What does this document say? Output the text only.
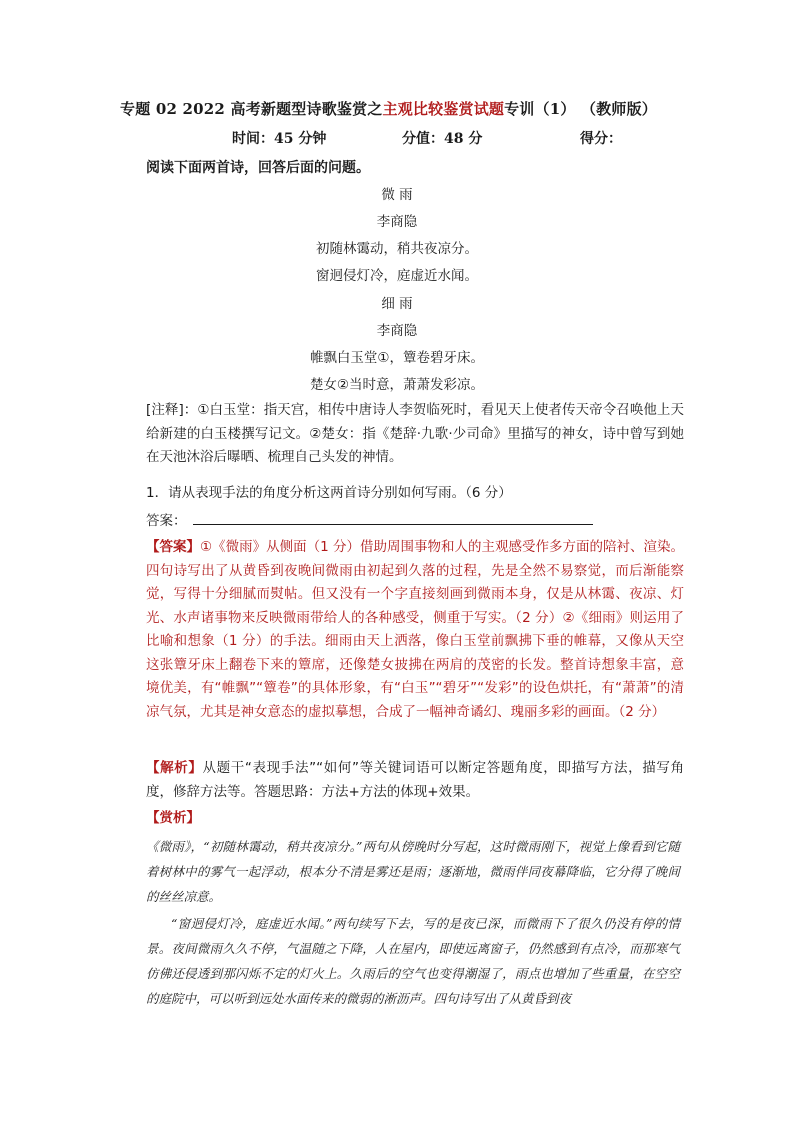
专题 02 2022 高考新题型诗歌鉴赏之主观比较鉴赏试题专训（1） （教师版）
时间：45 分钟	分值：48 分	得分：
阅读下面两首诗，回答后面的问题。
微 雨
李商隐
初随林霭动，稍共夜凉分。
窗迥侵灯冷，庭虚近水闻。
细 雨
李商隐
帷飘白玉堂①，簟卷碧牙床。
楚女②当时意，萧萧发彩凉。
[注释]：①白玉堂：指天宫，相传中唐诗人李贺临死时，看见天上使者传天帝令召唤他上天给新建的白玉楼撰写记文。②楚女：指《楚辞·九歌·少司命》里描写的神女，诗中曾写到她在天池沐浴后曝晒、梳理自己头发的神情。
1．请从表现手法的角度分析这两首诗分别如何写雨。（6 分）
答案：
【答案】①《微雨》从侧面（1 分）借助周围事物和人的主观感受作多方面的陪衬、渲染。四句诗写出了从黄昏到夜晚间微雨由初起到久落的过程，先是全然不易察觉，而后渐能察觉，写得十分细腻而熨帖。但又没有一个字直接刻画到微雨本身，仅是从林霭、夜凉、灯光、水声诸事物来反映微雨带给人的各种感受，侧重于写实。（2 分）②《细雨》则运用了比喻和想象（1 分）的手法。细雨由天上洒落，像白玉堂前飘拂下垂的帷幕，又像从天空这张簟牙床上翻卷下来的簟席，还像楚女披拂在两肩的茂密的长发。整首诗想象丰富，意境优美，有“帷飘”“簟卷”的具体形象，有“白玉”“碧牙”“发彩”的设色烘托，有“萧萧”的清凉气氛，尤其是神女意态的虚拟摹想，合成了一幅神奇谲幻、瑰丽多彩的画面。（2 分）
【解析】从题干“表现手法”“如何”等关键词语可以断定答题角度，即描写方法，描写角度，修辞方法等。答题思路：方法+方法的体现+效果。
【赏析】
《微雨》，“初随林霭动，稍共夜凉分。”两句从傍晚时分写起，这时微雨刚下，视觉上像看到它随着树林中的雾气一起浮动，根本分不清是雾还是雨；逐渐地，微雨伴同夜幕降临，它分得了晚间的丝丝凉意。
“窗迥侵灯冷，庭虚近水闻。”两句续写下去，写的是夜已深，而微雨下了很久仍没有停的情景。夜间微雨久久不停，气温随之下降，人在屋内，即使远离窗子，仍然感到有点冷，而那寒气仿佛还侵透到那闪烁不定的灯火上。久雨后的空气也变得潮湿了，雨点也增加了些重量，在空空的庭院中，可以听到远处水面传来的微弱的淅沥声。四句诗写出了从黄昏到夜
